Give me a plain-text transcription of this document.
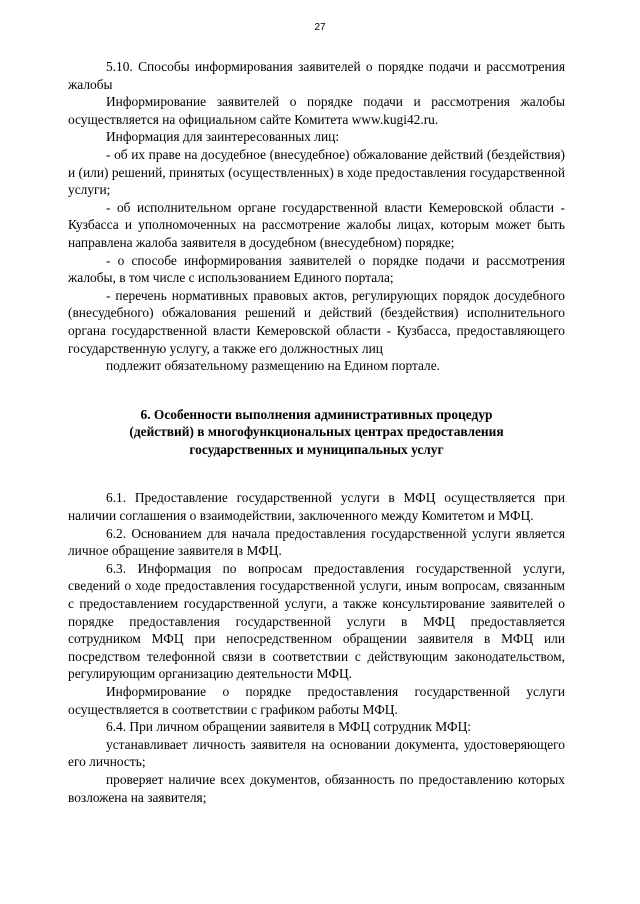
27

5.10. Способы информирования заявителей о порядке подачи и рассмотрения жалобы

Информирование заявителей о порядке подачи и рассмотрения жалобы осуществляется на официальном сайте Комитета www.kugi42.ru.

Информация для заинтересованных лиц:

- об их праве на досудебное (внесудебное) обжалование действий (бездействия) и (или) решений, принятых (осуществленных) в ходе предоставления государственной услуги;

- об исполнительном органе государственной власти Кемеровской области - Кузбасса и уполномоченных на рассмотрение жалобы лицах, которым может быть направлена жалоба заявителя в досудебном (внесудебном) порядке;

- о способе информирования заявителей о порядке подачи и рассмотрения жалобы, в том числе с использованием Единого портала;

- перечень нормативных правовых актов, регулирующих порядок досудебного (внесудебного) обжалования решений и действий (бездействия) исполнительного органа государственной власти Кемеровской области - Кузбасса, предоставляющего государственную услугу, а также его должностных лиц

подлежит обязательному размещению на Едином портале.

6. Особенности выполнения административных процедур
(действий) в многофункциональных центрах предоставления
государственных и муниципальных услуг

6.1. Предоставление государственной услуги в МФЦ осуществляется при наличии соглашения о взаимодействии, заключенного между Комитетом и МФЦ.

6.2. Основанием для начала предоставления государственной услуги является личное обращение заявителя в МФЦ.

6.3. Информация по вопросам предоставления государственной услуги, сведений о ходе предоставления государственной услуги, иным вопросам, связанным с предоставлением государственной услуги, а также консультирование заявителей о порядке предоставления государственной услуги в МФЦ предоставляется сотрудником МФЦ при непосредственном обращении заявителя в МФЦ или посредством телефонной связи в соответствии с действующим законодательством, регулирующим организацию деятельности МФЦ.

Информирование о порядке предоставления государственной услуги осуществляется в соответствии с графиком работы МФЦ.

6.4. При личном обращении заявителя в МФЦ сотрудник МФЦ:

устанавливает личность заявителя на основании документа, удостоверяющего его личность;

проверяет наличие всех документов, обязанность по предоставлению которых возложена на заявителя;
